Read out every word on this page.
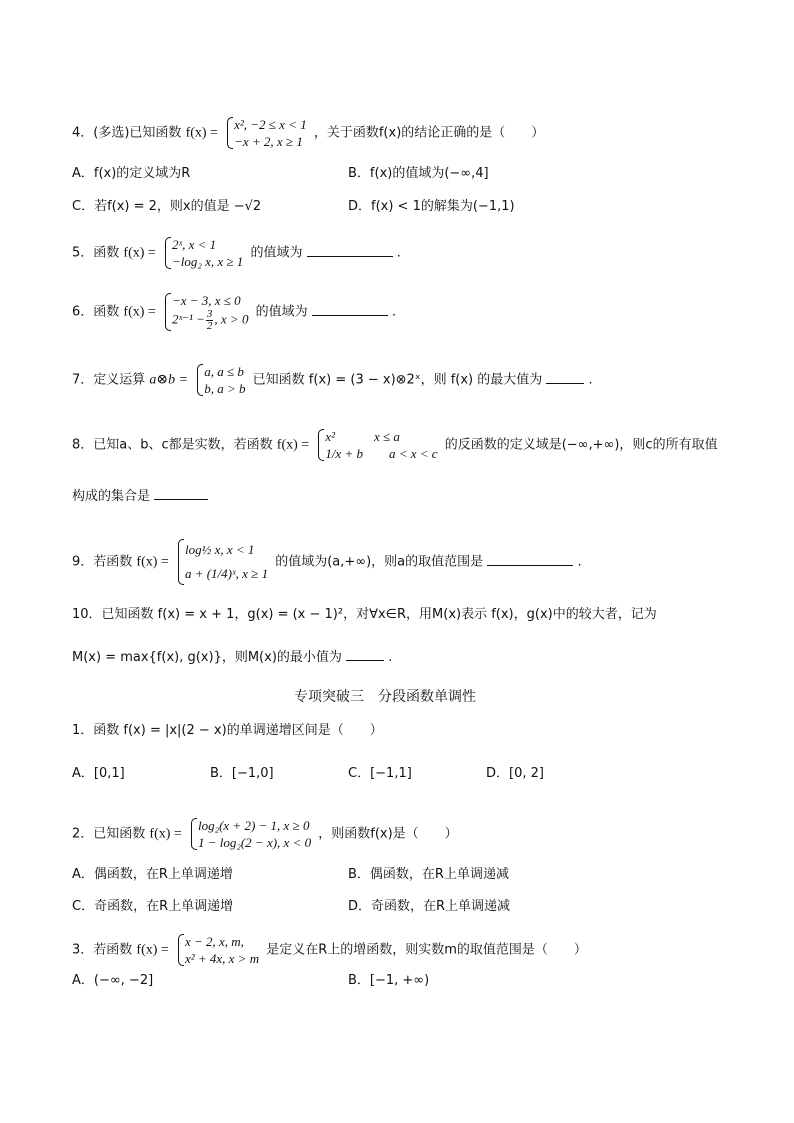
4．(多选)已知函数 f(x) =
x², −2 ≤ x < 1
−x + 2, x ≥ 1
，关于函数f(x)的结论正确的是（　　）
A．f(x)的定义域为R	B．f(x)的值域为(−∞,4]
C．若f(x) = 2，则x的值是 −√2	D．f(x) < 1的解集为(−1,1)
5．函数 f(x) =
2ˣ, x < 1
−log₂ x, x ≥ 1
的值域为	.
6．函数 f(x) =
−x − 3, x ≤ 0
2ˣ⁻¹ − $\frac{3}{2}$ , x > 0 的值域为	.
7．定义运算 a⊗b =
a, a ≤ b
b, a > b
已知函数 f(x) = (3 − x)⊗2ˣ，则 f(x) 的最大值为	.
8．已知a、b、c都是实数，若函数 f(x) =
x²　　　x ≤ a
1/x + b　　a < x < c
的反函数的定义域是(−∞,+∞)，则c的所有取值
构成的集合是
9．若函数 f(x) =
log½ x, x < 1
a + (1/4)ˣ, x ≥ 1
的值域为(a,+∞)，则a的取值范围是	.
10．已知函数 f(x) = x + 1，g(x) = (x − 1)²，对∀x∈R，用M(x)表示 f(x)，g(x)中的较大者，记为
M(x) = max{f(x), g(x)}，则M(x)的最小值为	.
专项突破三　分段函数单调性
1．函数 f(x) = |x|(2 − x)的单调递增区间是（　　）
A．[0,1]	B．[−1,0]	C．[−1,1]	D．[0, 2]
2．已知函数 f(x) =
log₂(x + 2) − 1, x ≥ 0
1 − log₂(2 − x), x < 0
，则函数f(x)是（　　）
A．偶函数，在R上单调递增	B．偶函数，在R上单调递减
C．奇函数，在R上单调递增	D．奇函数，在R上单调递减
3．若函数 f(x) =
x − 2, x, m,
x² + 4x, x > m
是定义在R上的增函数，则实数m的取值范围是（　　）
A．(−∞, −2]	B．[−1, +∞)
